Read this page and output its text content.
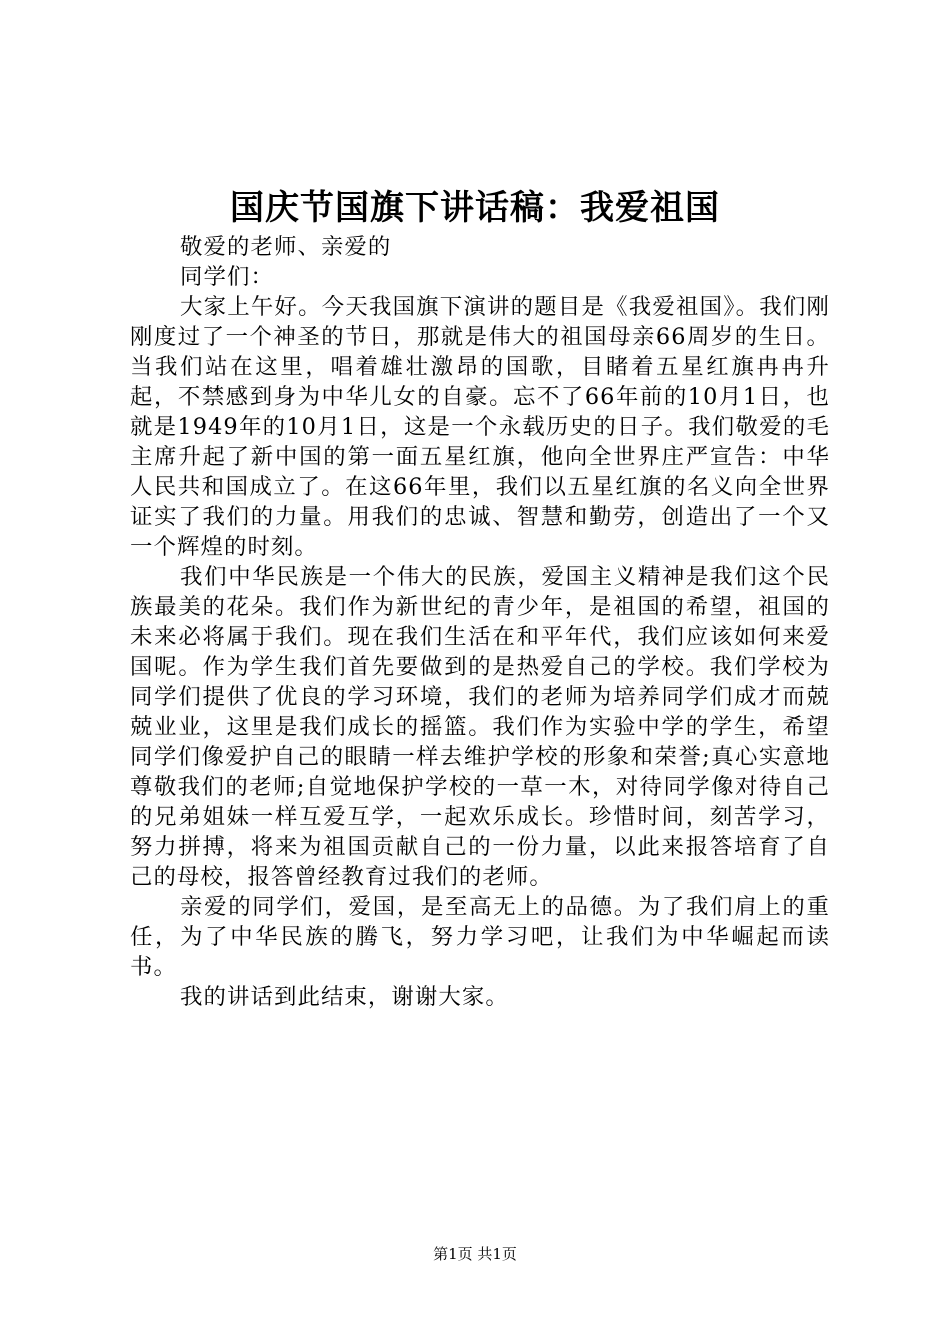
国庆节国旗下讲话稿：我爱祖国
敬爱的老师、亲爱的
同学们：
大家上午好。今天我国旗下演讲的题目是《我爱祖国》。我们刚刚度过了一个神圣的节日，那就是伟大的祖国母亲66周岁的生日。当我们站在这里，唱着雄壮激昂的国歌，目睹着五星红旗冉冉升起，不禁感到身为中华儿女的自豪。忘不了66年前的10月1日，也就是1949年的10月1日，这是一个永载历史的日子。我们敬爱的毛主席升起了新中国的第一面五星红旗，他向全世界庄严宣告：中华人民共和国成立了。在这66年里，我们以五星红旗的名义向全世界证实了我们的力量。用我们的忠诚、智慧和勤劳，创造出了一个又一个辉煌的时刻。
我们中华民族是一个伟大的民族，爱国主义精神是我们这个民族最美的花朵。我们作为新世纪的青少年，是祖国的希望，祖国的未来必将属于我们。现在我们生活在和平年代，我们应该如何来爱国呢。作为学生我们首先要做到的是热爱自己的学校。我们学校为同学们提供了优良的学习环境，我们的老师为培养同学们成才而兢兢业业，这里是我们成长的摇篮。我们作为实验中学的学生，希望同学们像爱护自己的眼睛一样去维护学校的形象和荣誉;真心实意地尊敬我们的老师;自觉地保护学校的一草一木，对待同学像对待自己的兄弟姐妹一样互爱互学，一起欢乐成长。珍惜时间，刻苦学习，努力拼搏，将来为祖国贡献自己的一份力量，以此来报答培育了自己的母校，报答曾经教育过我们的老师。
亲爱的同学们，爱国，是至高无上的品德。为了我们肩上的重任，为了中华民族的腾飞，努力学习吧，让我们为中华崛起而读书。
我的讲话到此结束，谢谢大家。
第1页 共1页
